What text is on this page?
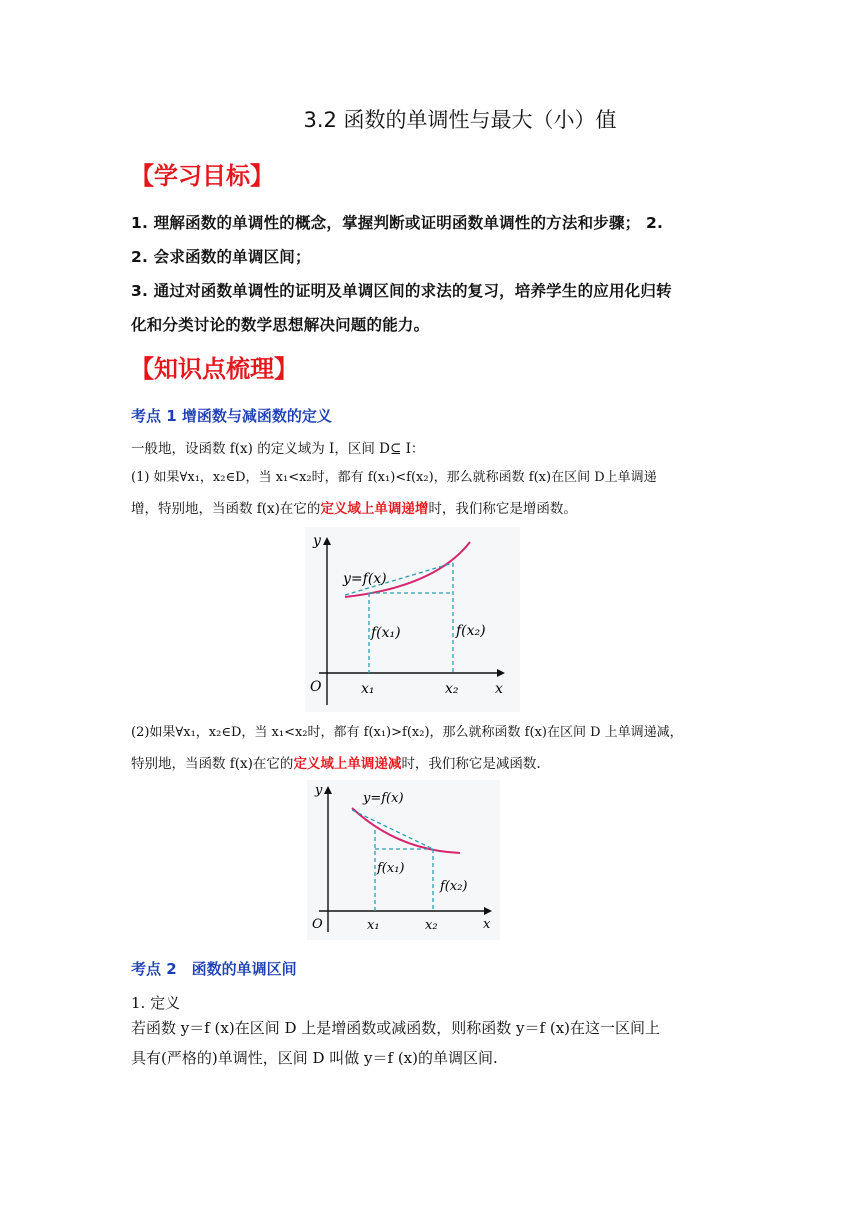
3.2 函数的单调性与最大（小）值
【学习目标】
1. 理解函数的单调性的概念，掌握判断或证明函数单调性的方法和步骤； 2.
2. 会求函数的单调区间；
3. 通过对函数单调性的证明及单调区间的求法的复习，培养学生的应用化归转
化和分类讨论的数学思想解决问题的能力。
【知识点梳理】
考点 1 增函数与减函数的定义
一般地，设函数 f(x) 的定义域为 I，区间 D⊆ I：
(1) 如果∀x₁，x₂∈D，当 x₁<x₂时，都有 f(x₁)<f(x₂)，那么就称函数 f(x)在区间 D上单调递
增，特别地，当函数 f(x)在它的定义域上单调递增时，我们称它是增函数。
y
x
O
y=f(x)
f(x₁)	f(x₂)
x₁	x₂
(2)如果∀x₁，x₂∈D，当 x₁<x₂时，都有 f(x₁)>f(x₂)，那么就称函数 f(x)在区间 D 上单调递减，
特别地，当函数 f(x)在它的定义域上单调递减时，我们称它是减函数.
y
x
O
y=f(x)
f(x₁)
f(x₂)
x₁	x₂
考点 2　函数的单调区间
1. 定义
若函数 y＝f (x)在区间 D 上是增函数或减函数，则称函数 y＝f (x)在这一区间上
具有(严格的)单调性，区间 D 叫做 y＝f (x)的单调区间.
